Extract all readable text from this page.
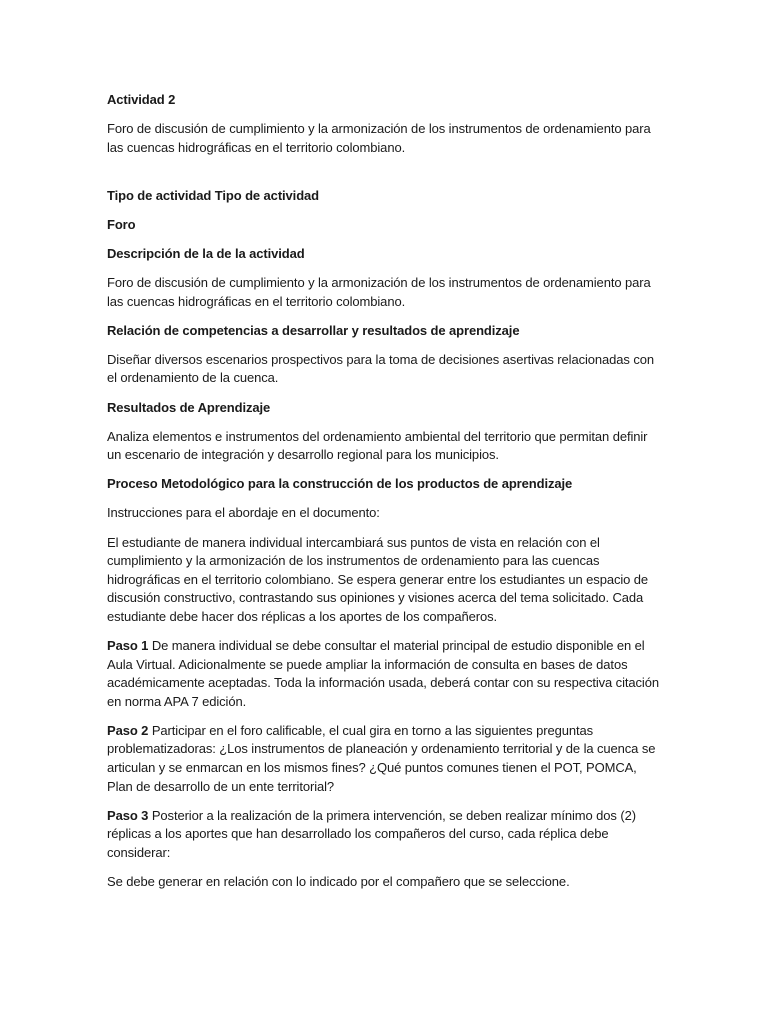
Actividad 2

Foro de discusión de cumplimiento y la armonización de los instrumentos de ordenamiento para las cuencas hidrográficas en el territorio colombiano.

Tipo de actividad Tipo de actividad

Foro

Descripción de la de la actividad

Foro de discusión de cumplimiento y la armonización de los instrumentos de ordenamiento para las cuencas hidrográficas en el territorio colombiano.

Relación de competencias a desarrollar y resultados de aprendizaje

Diseñar diversos escenarios prospectivos para la toma de decisiones asertivas relacionadas con el ordenamiento de la cuenca.

Resultados de Aprendizaje

Analiza elementos e instrumentos del ordenamiento ambiental del territorio que permitan definir un escenario de integración y desarrollo regional para los municipios.

Proceso Metodológico para la construcción de los productos de aprendizaje

Instrucciones para el abordaje en el documento:

El estudiante de manera individual intercambiará sus puntos de vista en relación con el cumplimiento y la armonización de los instrumentos de ordenamiento para las cuencas hidrográficas en el territorio colombiano. Se espera generar entre los estudiantes un espacio de discusión constructivo, contrastando sus opiniones y visiones acerca del tema solicitado. Cada estudiante debe hacer dos réplicas a los aportes de los compañeros.

Paso 1 De manera individual se debe consultar el material principal de estudio disponible en el Aula Virtual. Adicionalmente se puede ampliar la información de consulta en bases de datos académicamente aceptadas. Toda la información usada, deberá contar con su respectiva citación en norma APA 7 edición.

Paso 2 Participar en el foro calificable, el cual gira en torno a las siguientes preguntas problematizadoras: ¿Los instrumentos de planeación y ordenamiento territorial y de la cuenca se articulan y se enmarcan en los mismos fines? ¿Qué puntos comunes tienen el POT, POMCA, Plan de desarrollo de un ente territorial?

Paso 3 Posterior a la realización de la primera intervención, se deben realizar mínimo dos (2) réplicas a los aportes que han desarrollado los compañeros del curso, cada réplica debe considerar:

Se debe generar en relación con lo indicado por el compañero que se seleccione.
